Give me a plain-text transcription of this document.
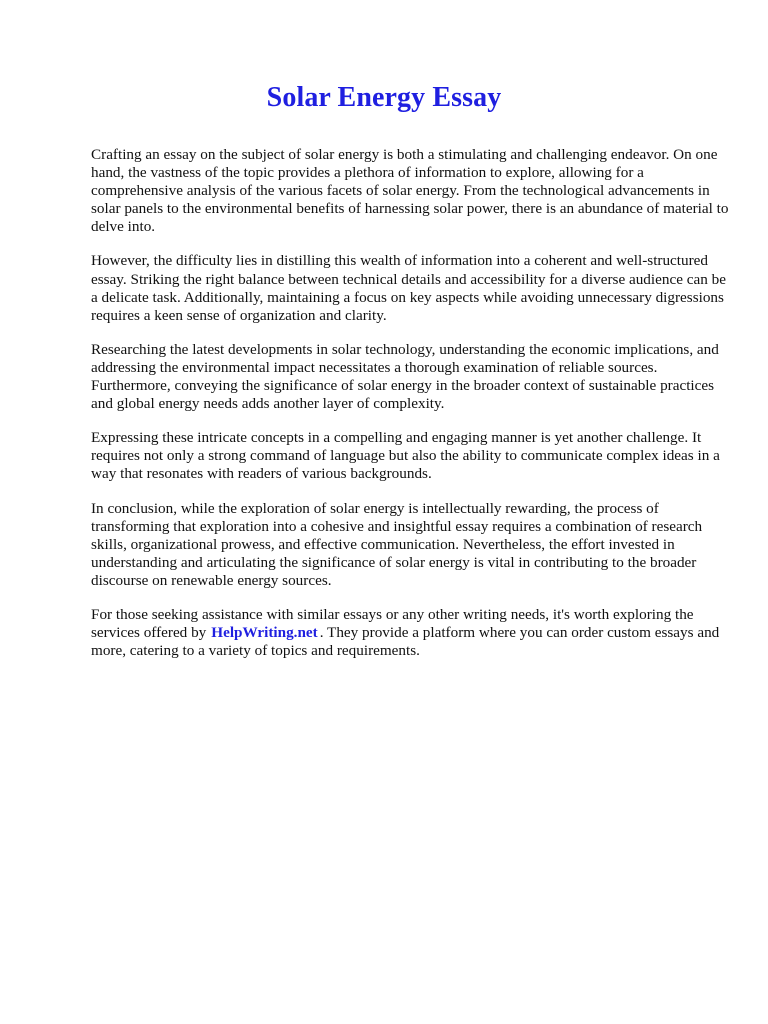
Solar Energy Essay

Crafting an essay on the subject of solar energy is both a stimulating and challenging endeavor. On one hand, the vastness of the topic provides a plethora of information to explore, allowing for a comprehensive analysis of the various facets of solar energy. From the technological advancements in solar panels to the environmental benefits of harnessing solar power, there is an abundance of material to delve into.

However, the difficulty lies in distilling this wealth of information into a coherent and well-structured essay. Striking the right balance between technical details and accessibility for a diverse audience can be a delicate task. Additionally, maintaining a focus on key aspects while avoiding unnecessary digressions requires a keen sense of organization and clarity.

Researching the latest developments in solar technology, understanding the economic implications, and addressing the environmental impact necessitates a thorough examination of reliable sources. Furthermore, conveying the significance of solar energy in the broader context of sustainable practices and global energy needs adds another layer of complexity.

Expressing these intricate concepts in a compelling and engaging manner is yet another challenge. It requires not only a strong command of language but also the ability to communicate complex ideas in a way that resonates with readers of various backgrounds.

In conclusion, while the exploration of solar energy is intellectually rewarding, the process of transforming that exploration into a cohesive and insightful essay requires a combination of research skills, organizational prowess, and effective communication. Nevertheless, the effort invested in understanding and articulating the significance of solar energy is vital in contributing to the broader discourse on renewable energy sources.

For those seeking assistance with similar essays or any other writing needs, it's worth exploring the services offered by HelpWriting.net . They provide a platform where you can order custom essays and more, catering to a variety of topics and requirements.
